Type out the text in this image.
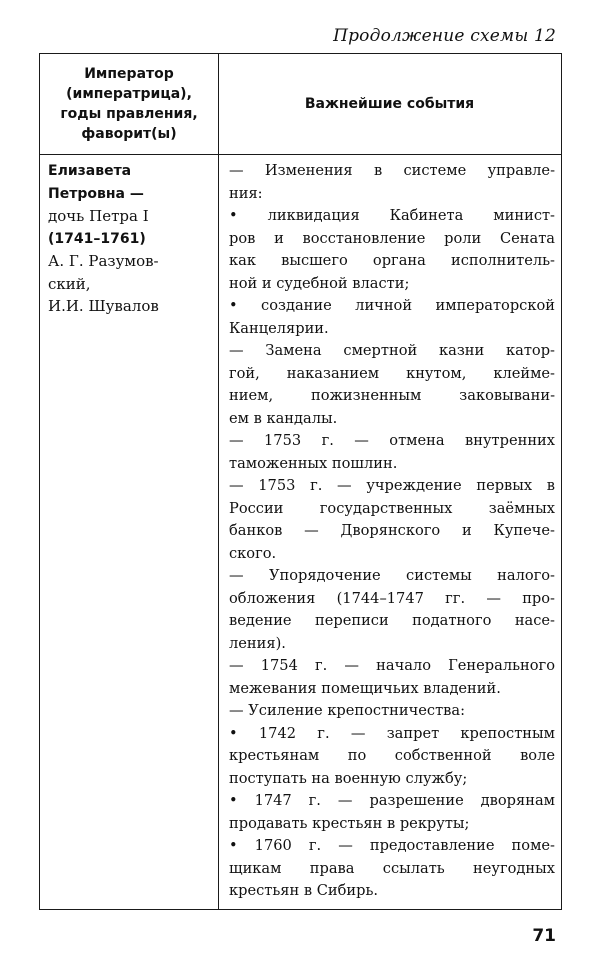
Продолжение схемы 12
Император
(императрица),
годы правления,
фаворит(ы)
Важнейшие события
Елизавета
Петровна —
дочь Петра I
(1741–1761)
А. Г. Разумов-
ский,
И.И. Шувалов
— Изменения в системе управле-
ния:
• ликвидация Кабинета минист-
ров и восстановление роли Сената
как высшего органа исполнитель-
ной и судебной власти;
• создание личной императорской
Канцелярии.
— Замена смертной казни катор-
гой, наказанием кнутом, клейме-
нием, пожизненным заковывани-
ем в кандалы.
— 1753 г. — отмена внутренних
таможенных пошлин.
— 1753 г. — учреждение первых в
России государственных заёмных
банков — Дворянского и Купече-
ского.
— Упорядочение системы налого-
обложения (1744–1747 гг. — про-
ведение переписи податного насе-
ления).
— 1754 г. — начало Генерального
межевания помещичьих владений.
— Усиление крепостничества:
• 1742 г. — запрет крепостным
крестьянам по собственной воле
поступать на военную службу;
• 1747 г. — разрешение дворянам
продавать крестьян в рекруты;
• 1760 г. — предоставление поме-
щикам права ссылать неугодных
крестьян в Сибирь.
71
